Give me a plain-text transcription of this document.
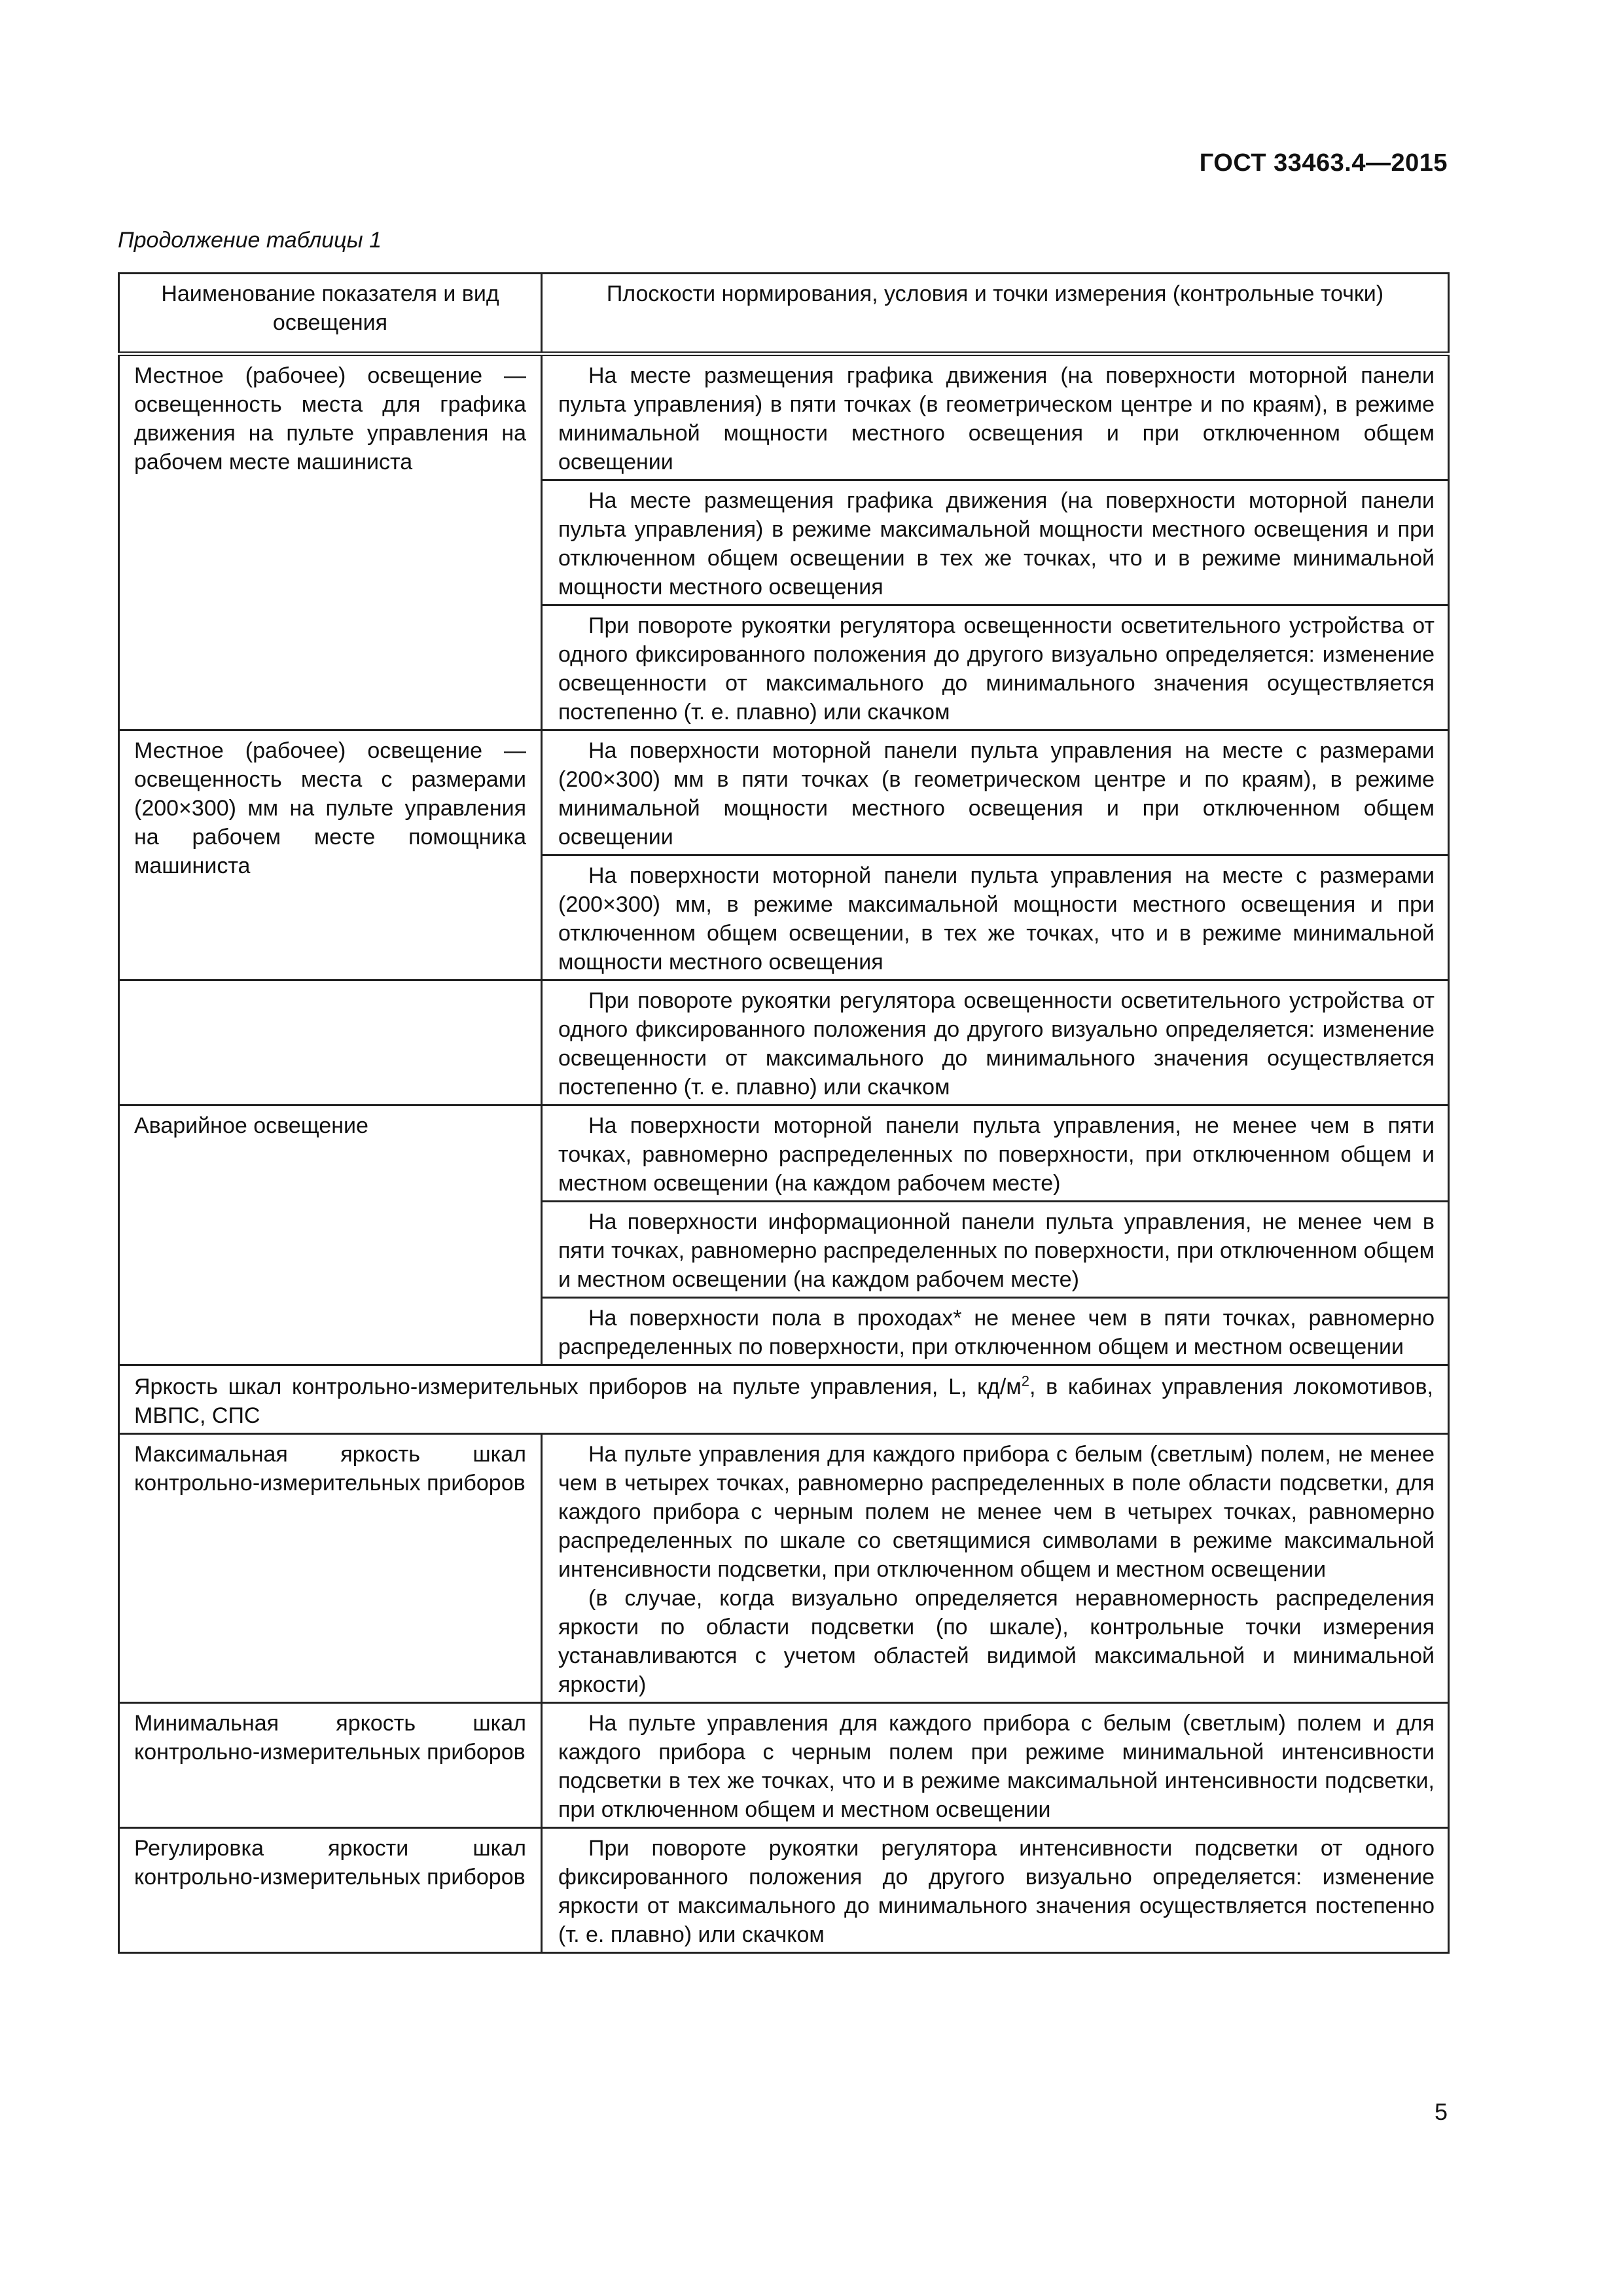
ГОСТ 33463.4—2015
Продолжение таблицы 1
Наименование показателя и вид освещения	Плоскости нормирования, условия и точки измерения (контрольные точки)
Местное (рабочее) освещение — освещенность места для графика движения на пульте управления на рабочем месте машиниста	На месте размещения графика движения (на поверхности моторной панели пульта управления) в пяти точках (в геометрическом центре и по краям), в режиме минимальной мощности местного освещения и при отключенном общем освещении

	На месте размещения графика движения (на поверхности моторной панели пульта управления) в режиме максимальной мощности местного освещения и при отключенном общем освещении в тех же точках, что и в режиме минимальной мощности местного освещения

	При повороте рукоятки регулятора освещенности осветительного устройства от одного фиксированного положения до другого визуально определяется: изменение освещенности от максимального до минимального значения осуществляется постепенно (т. е. плавно) или скачком

Местное (рабочее) освещение — освещенность места с размерами (200×300) мм на пульте управления на рабочем месте помощника машиниста	На поверхности моторной панели пульта управления на месте с размерами (200×300) мм в пяти точках (в геометрическом центре и по краям), в режиме минимальной мощности местного освещения и при отключенном общем освещении

	На поверхности моторной панели пульта управления на месте с размерами (200×300) мм, в режиме максимальной мощности местного освещения и при отключенном общем освещении, в тех же точках, что и в режиме минимальной мощности местного освещения

	При повороте рукоятки регулятора освещенности осветительного устройства от одного фиксированного положения до другого визуально определяется: изменение освещенности от максимального до минимального значения осуществляется постепенно (т. е. плавно) или скачком

Аварийное освещение	На поверхности моторной панели пульта управления, не менее чем в пяти точках, равномерно распределенных по поверхности, при отключенном общем и местном освещении (на каждом рабочем месте)

	На поверхности информационной панели пульта управления, не менее чем в пяти точках, равномерно распределенных по поверхности, при отключенном общем и местном освещении (на каждом рабочем месте)

	На поверхности пола в проходах* не менее чем в пяти точках, равномерно распределенных по поверхности, при отключенном общем и местном освещении

Яркость шкал контрольно-измерительных приборов на пульте управления, L, $кд/м^2$, в кабинах управления локомотивов, МВПС, СПС	
Максимальная яркость шкал контрольно-измерительных приборов	На пульте управления для каждого прибора с белым (светлым) полем, не менее чем в четырех точках, равномерно распределенных в поле области подсветки, для каждого прибора с черным полем не менее чем в четырех точках, равномерно распределенных по шкале со светящимися символами в режиме максимальной интенсивности подсветки, при отключенном общем и местном освещении

(в случае, когда визуально определяется неравномерность распределения яркости по области подсветки (по шкале), контрольные точки измерения устанавливаются с учетом областей видимой максимальной и минимальной яркости)

Минимальная яркость шкал контрольно-измерительных приборов	На пульте управления для каждого прибора с белым (светлым) полем и для каждого прибора с черным полем при режиме минимальной интенсивности подсветки в тех же точках, что и в режиме максимальной интенсивности подсветки, при отключенном общем и местном освещении

Регулировка яркости шкал контрольно-измерительных приборов	При повороте рукоятки регулятора интенсивности подсветки от одного фиксированного положения до другого визуально определяется: изменение яркости от максимального до минимального значения осуществляется постепенно (т. е. плавно) или скачком
5
